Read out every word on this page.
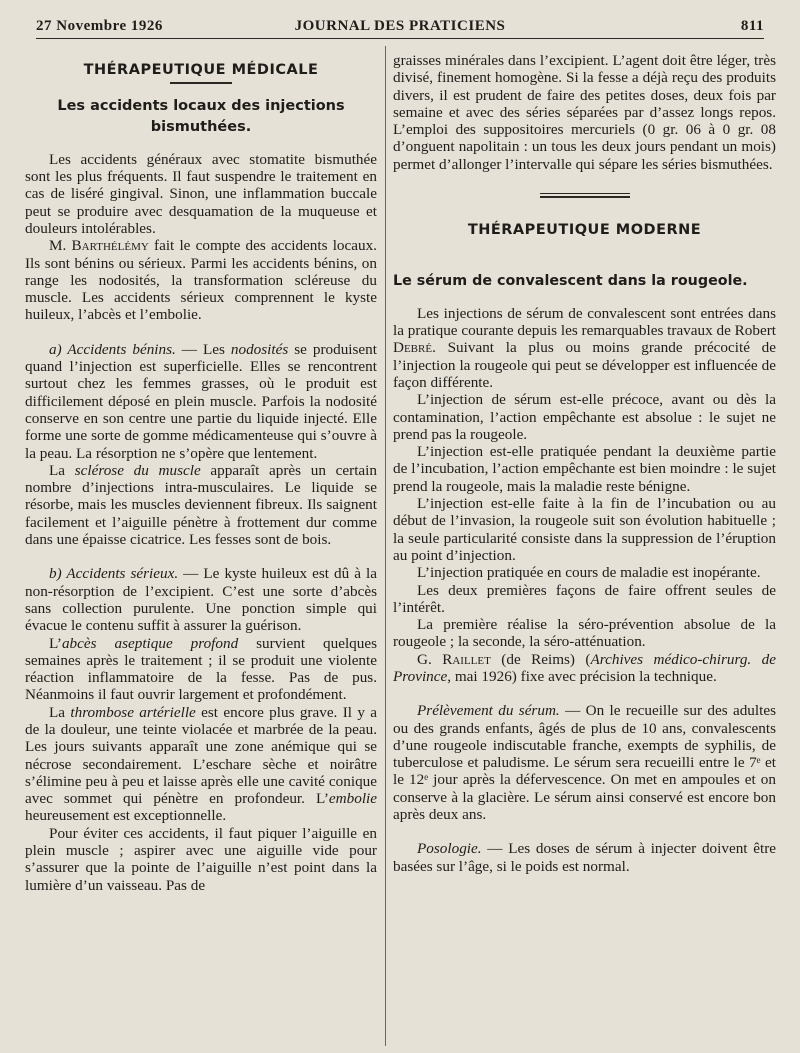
27 Novembre 1926	JOURNAL DES PRATICIENS	811
THÉRAPEUTIQUE MÉDICALE
Les accidents locaux des injections bismuthées.

Les accidents généraux avec stomatite bismuthée sont les plus fréquents. Il faut suspendre le traitement en cas de liséré gingival. Sinon, une inflammation buccale peut se produire avec desquamation de la muqueuse et douleurs intolérables.

M. Barthélémy fait le compte des accidents locaux. Ils sont bénins ou sérieux. Parmi les accidents bénins, on range les nodosités, la transformation scléreuse du muscle. Les accidents sérieux comprennent le kyste huileux, l’abcès et l’embolie.

a) Accidents bénins. — Les nodosités se produisent quand l’injection est superficielle. Elles se rencontrent surtout chez les femmes grasses, où le produit est difficilement déposé en plein muscle. Parfois la nodosité conserve en son centre une partie du liquide injecté. Elle forme une sorte de gomme médicamenteuse qui s’ouvre à la peau. La résorption ne s’opère que lentement.

La sclérose du muscle apparaît après un certain nombre d’injections intra-musculaires. Le liquide se résorbe, mais les muscles deviennent fibreux. Ils saignent facilement et l’aiguille pénètre à frottement dur comme dans une épaisse cicatrice. Les fesses sont de bois.

b) Accidents sérieux. — Le kyste huileux est dû à la non-résorption de l’excipient. C’est une sorte d’abcès sans collection purulente. Une ponction simple qui évacue le contenu suffit à assurer la guérison.

L’abcès aseptique profond survient quelques semaines après le traitement ; il se produit une violente réaction inflammatoire de la fesse. Pas de pus. Néanmoins il faut ouvrir largement et profondément.

La thrombose artérielle est encore plus grave. Il y a de la douleur, une teinte violacée et marbrée de la peau. Les jours suivants apparaît une zone anémique qui se nécrose secondairement. L’eschare sèche et noirâtre s’élimine peu à peu et laisse après elle une cavité conique avec sommet qui pénètre en profondeur. L’embolie heureusement est exceptionnelle.

Pour éviter ces accidents, il faut piquer l’aiguille en plein muscle ; aspirer avec une aiguille vide pour s’assurer que la pointe de l’aiguille n’est point dans la lumière d’un vaisseau. Pas de

graisses minérales dans l’excipient. L’agent doit être léger, très divisé, finement homogène. Si la fesse a déjà reçu des produits divers, il est prudent de faire des petites doses, deux fois par semaine et avec des séries séparées par d’assez longs repos. L’emploi des suppositoires mercuriels (0 gr. 06 à 0 gr. 08 d’onguent napolitain : un tous les deux jours pendant un mois) permet d’allonger l’intervalle qui sépare les séries bismuthées.

THÉRAPEUTIQUE MODERNE
Le sérum de convalescent dans la rougeole.

Les injections de sérum de convalescent sont entrées dans la pratique courante depuis les remarquables travaux de Robert Debré. Suivant la plus ou moins grande précocité de l’injection la rougeole qui peut se développer est influencée de façon différente.

L’injection de sérum est-elle précoce, avant ou dès la contamination, l’action empêchante est absolue : le sujet ne prend pas la rougeole.

L’injection est-elle pratiquée pendant la deuxième partie de l’incubation, l’action empêchante est bien moindre : le sujet prend la rougeole, mais la maladie reste bénigne.

L’injection est-elle faite à la fin de l’incubation ou au début de l’invasion, la rougeole suit son évolution habituelle ; la seule particularité consiste dans la suppression de l’éruption au point d’injection.

L’injection pratiquée en cours de maladie est inopérante.

Les deux premières façons de faire offrent seules de l’intérêt.

La première réalise la séro-prévention absolue de la rougeole ; la seconde, la séro-atténuation.

G. Raillet (de Reims) (Archives médico-chirurg. de Province, mai 1926) fixe avec précision la technique.

Prélèvement du sérum. — On le recueille sur des adultes ou des grands enfants, âgés de plus de 10 ans, convalescents d’une rougeole indiscutable franche, exempts de syphilis, de tuberculose et paludisme. Le sérum sera recueilli entre le 7ᵉ et le 12ᵉ jour après la défervescence. On met en ampoules et on conserve à la glacière. Le sérum ainsi conservé est encore bon après deux ans.

Posologie. — Les doses de sérum à injecter doivent être basées sur l’âge, si le poids est normal.
